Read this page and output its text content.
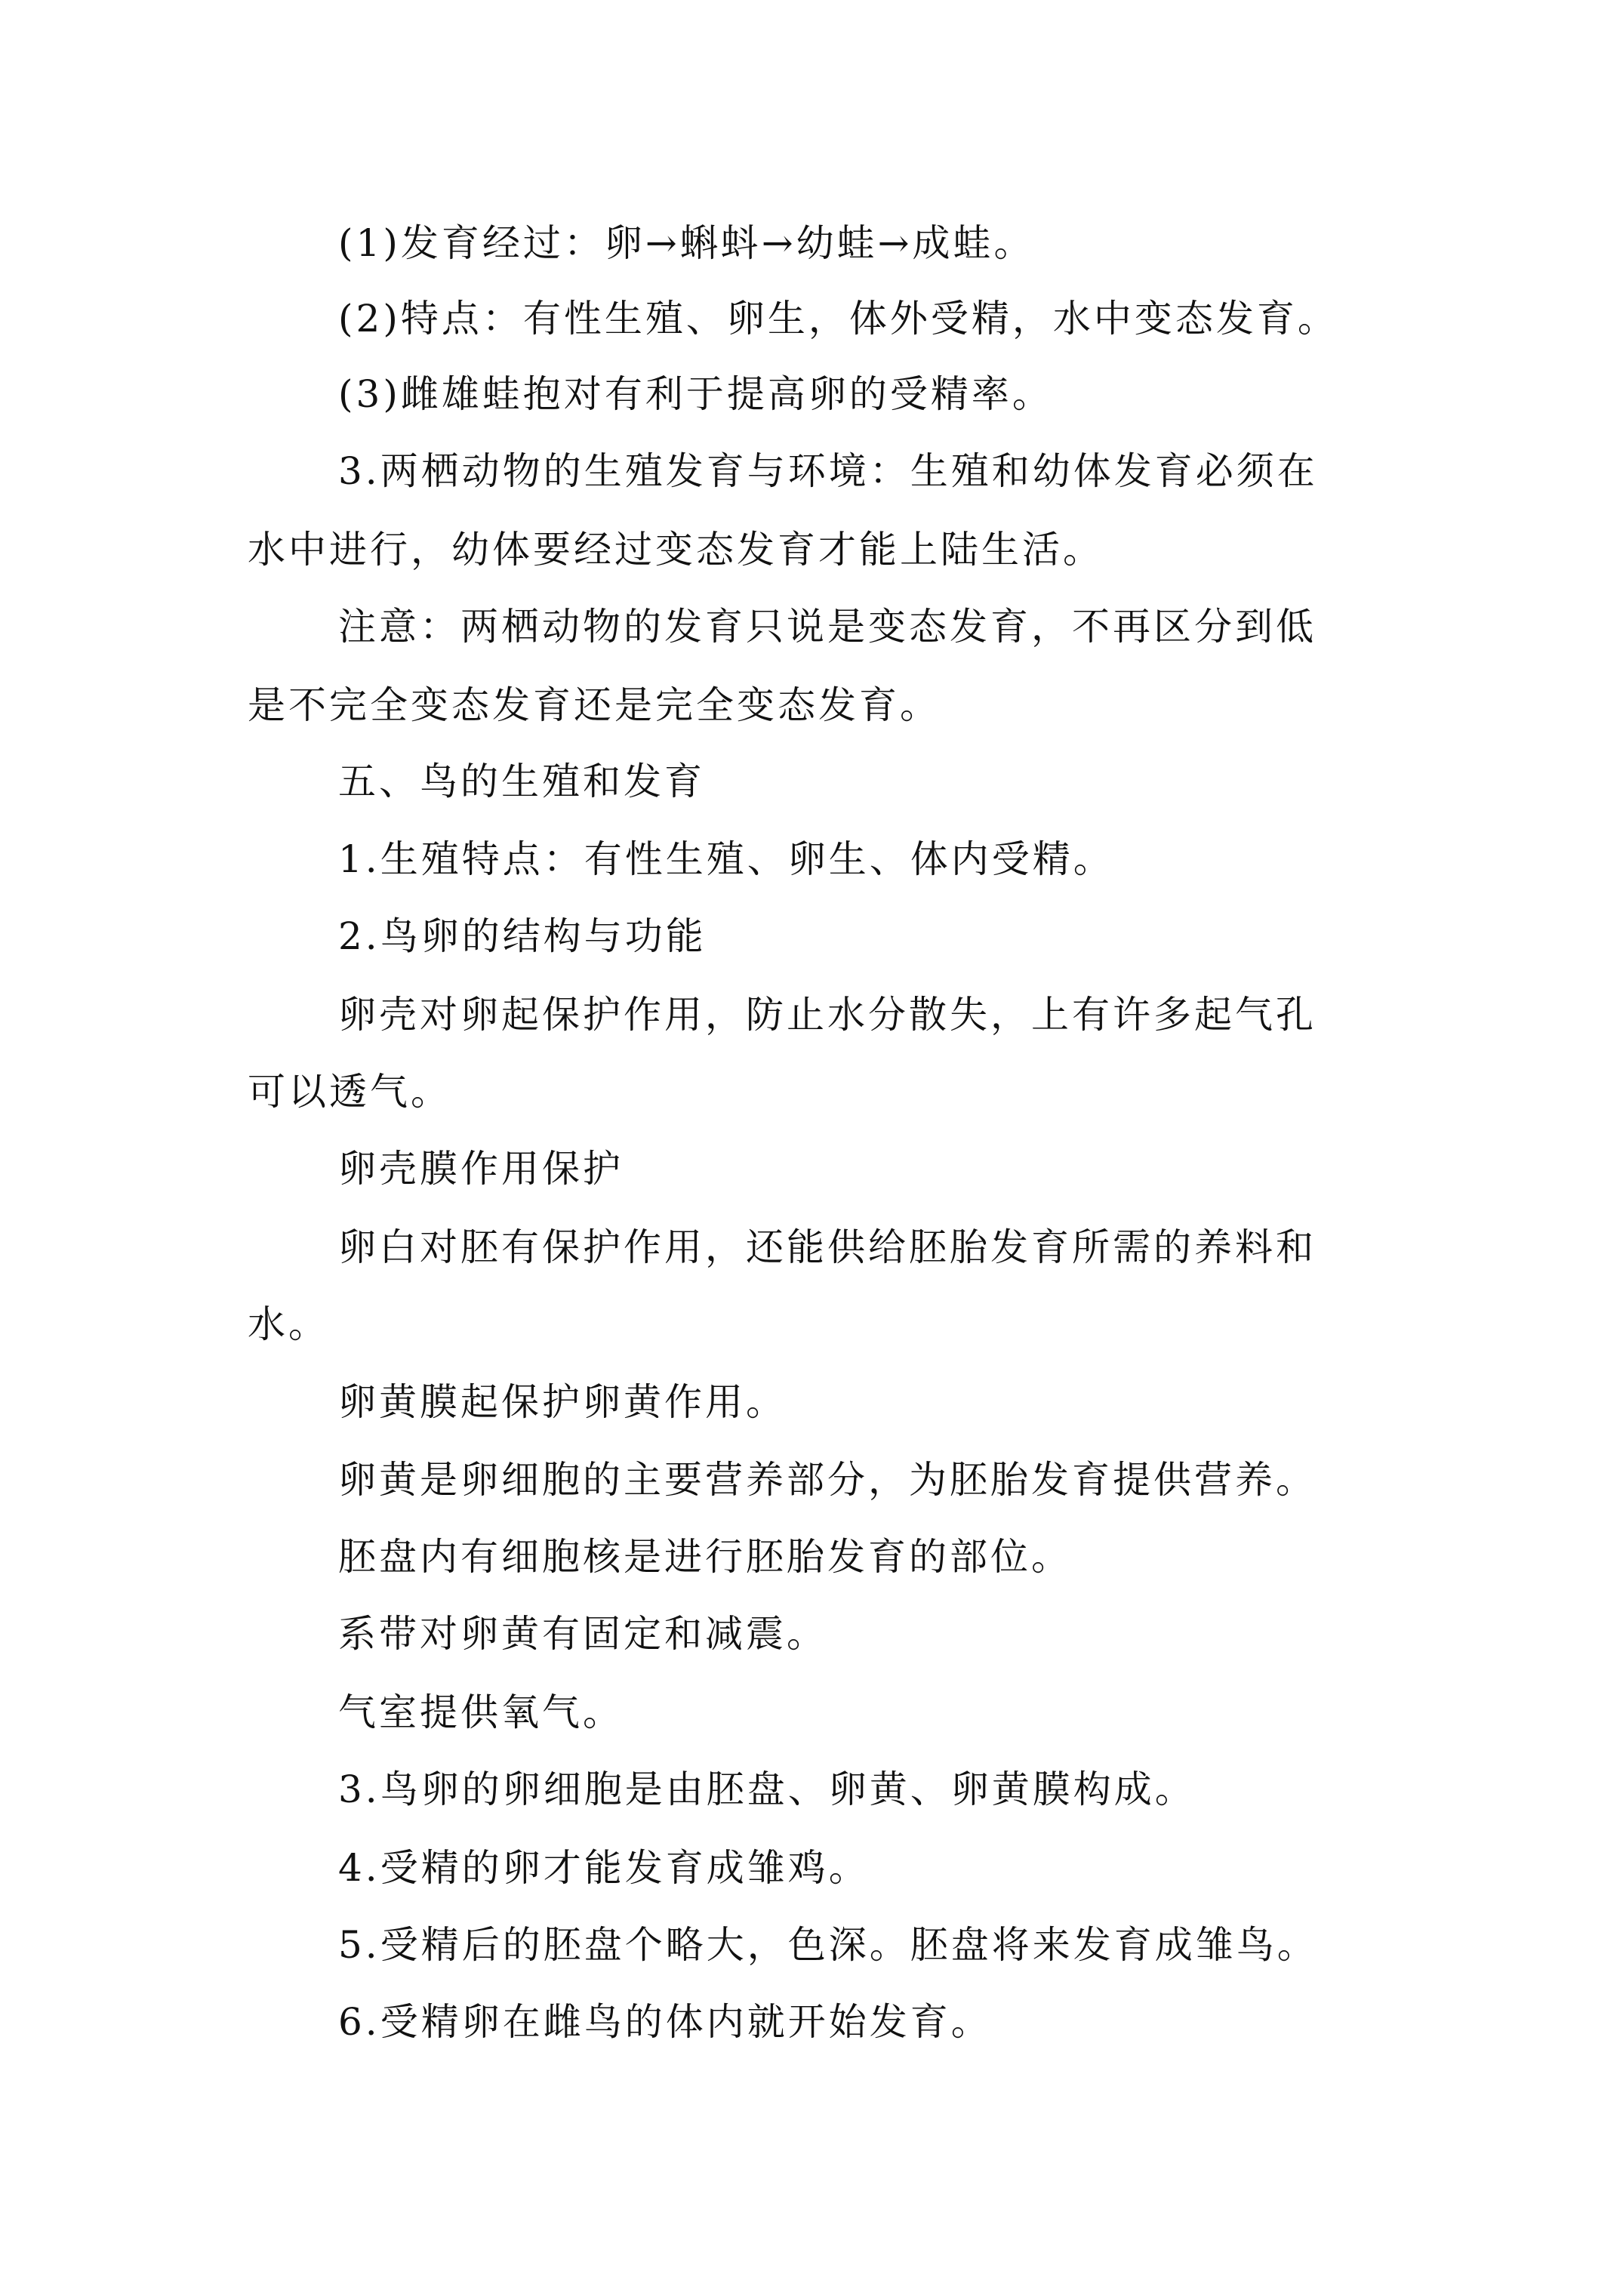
(1)发育经过：卵→蝌蚪→幼蛙→成蛙。

(2)特点：有性生殖、卵生，体外受精，水中变态发育。

(3)雌雄蛙抱对有利于提高卵的受精率。

3.两栖动物的生殖发育与环境：生殖和幼体发育必须在

水中进行，幼体要经过变态发育才能上陆生活。

注意：两栖动物的发育只说是变态发育，不再区分到低

是不完全变态发育还是完全变态发育。

五、鸟的生殖和发育

1.生殖特点：有性生殖、卵生、体内受精。

2.鸟卵的结构与功能

卵壳对卵起保护作用，防止水分散失，上有许多起气孔

可以透气。

卵壳膜作用保护

卵白对胚有保护作用，还能供给胚胎发育所需的养料和

水。

卵黄膜起保护卵黄作用。

卵黄是卵细胞的主要营养部分，为胚胎发育提供营养。

胚盘内有细胞核是进行胚胎发育的部位。

系带对卵黄有固定和减震。

气室提供氧气。

3.鸟卵的卵细胞是由胚盘、卵黄、卵黄膜构成。

4.受精的卵才能发育成雏鸡。

5.受精后的胚盘个略大，色深。胚盘将来发育成雏鸟。

6.受精卵在雌鸟的体内就开始发育。
